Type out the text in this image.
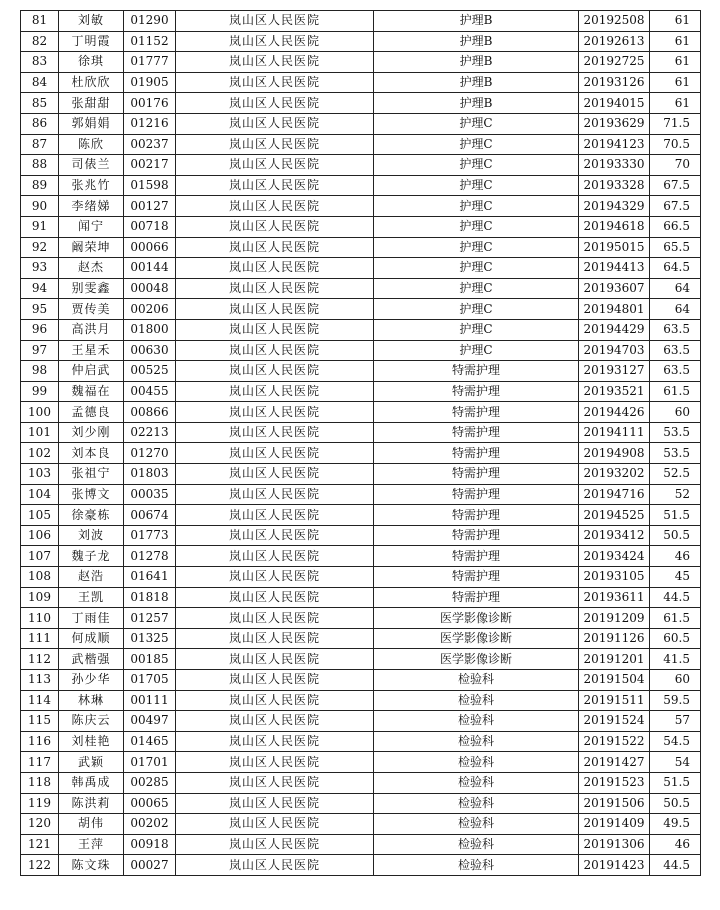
81	刘敏	01290	岚山区人民医院	护理B	20192508	61
82	丁明霞	01152	岚山区人民医院	护理B	20192613	61
83	徐琪	01777	岚山区人民医院	护理B	20192725	61
84	杜欣欣	01905	岚山区人民医院	护理B	20193126	61
85	张甜甜	00176	岚山区人民医院	护理B	20194015	61
86	郭娟娟	01216	岚山区人民医院	护理C	20193629	71.5
87	陈欣	00237	岚山区人民医院	护理C	20194123	70.5
88	司俵兰	00217	岚山区人民医院	护理C	20193330	70
89	张兆竹	01598	岚山区人民医院	护理C	20193328	67.5
90	李绪娣	00127	岚山区人民医院	护理C	20194329	67.5
91	闻宁	00718	岚山区人民医院	护理C	20194618	66.5
92	阚荣坤	00066	岚山区人民医院	护理C	20195015	65.5
93	赵杰	00144	岚山区人民医院	护理C	20194413	64.5
94	别雯鑫	00048	岚山区人民医院	护理C	20193607	64
95	贾传美	00206	岚山区人民医院	护理C	20194801	64
96	高洪月	01800	岚山区人民医院	护理C	20194429	63.5
97	王星禾	00630	岚山区人民医院	护理C	20194703	63.5
98	仲启武	00525	岚山区人民医院	特需护理	20193127	63.5
99	魏福在	00455	岚山区人民医院	特需护理	20193521	61.5
100	孟德良	00866	岚山区人民医院	特需护理	20194426	60
101	刘少刚	02213	岚山区人民医院	特需护理	20194111	53.5
102	刘本良	01270	岚山区人民医院	特需护理	20194908	53.5
103	张祖宁	01803	岚山区人民医院	特需护理	20193202	52.5
104	张博文	00035	岚山区人民医院	特需护理	20194716	52
105	徐豪栋	00674	岚山区人民医院	特需护理	20194525	51.5
106	刘波	01773	岚山区人民医院	特需护理	20193412	50.5
107	魏子龙	01278	岚山区人民医院	特需护理	20193424	46
108	赵浩	01641	岚山区人民医院	特需护理	20193105	45
109	王凯	01818	岚山区人民医院	特需护理	20193611	44.5
110	丁雨佳	01257	岚山区人民医院	医学影像诊断	20191209	61.5
111	何成顺	01325	岚山区人民医院	医学影像诊断	20191126	60.5
112	武楷强	00185	岚山区人民医院	医学影像诊断	20191201	41.5
113	孙少华	01705	岚山区人民医院	检验科	20191504	60
114	林琳	00111	岚山区人民医院	检验科	20191511	59.5
115	陈庆云	00497	岚山区人民医院	检验科	20191524	57
116	刘桂艳	01465	岚山区人民医院	检验科	20191522	54.5
117	武颖	01701	岚山区人民医院	检验科	20191427	54
118	韩禹成	00285	岚山区人民医院	检验科	20191523	51.5
119	陈洪莉	00065	岚山区人民医院	检验科	20191506	50.5
120	胡伟	00202	岚山区人民医院	检验科	20191409	49.5
121	王萍	00918	岚山区人民医院	检验科	20191306	46
122	陈文珠	00027	岚山区人民医院	检验科	20191423	44.5
